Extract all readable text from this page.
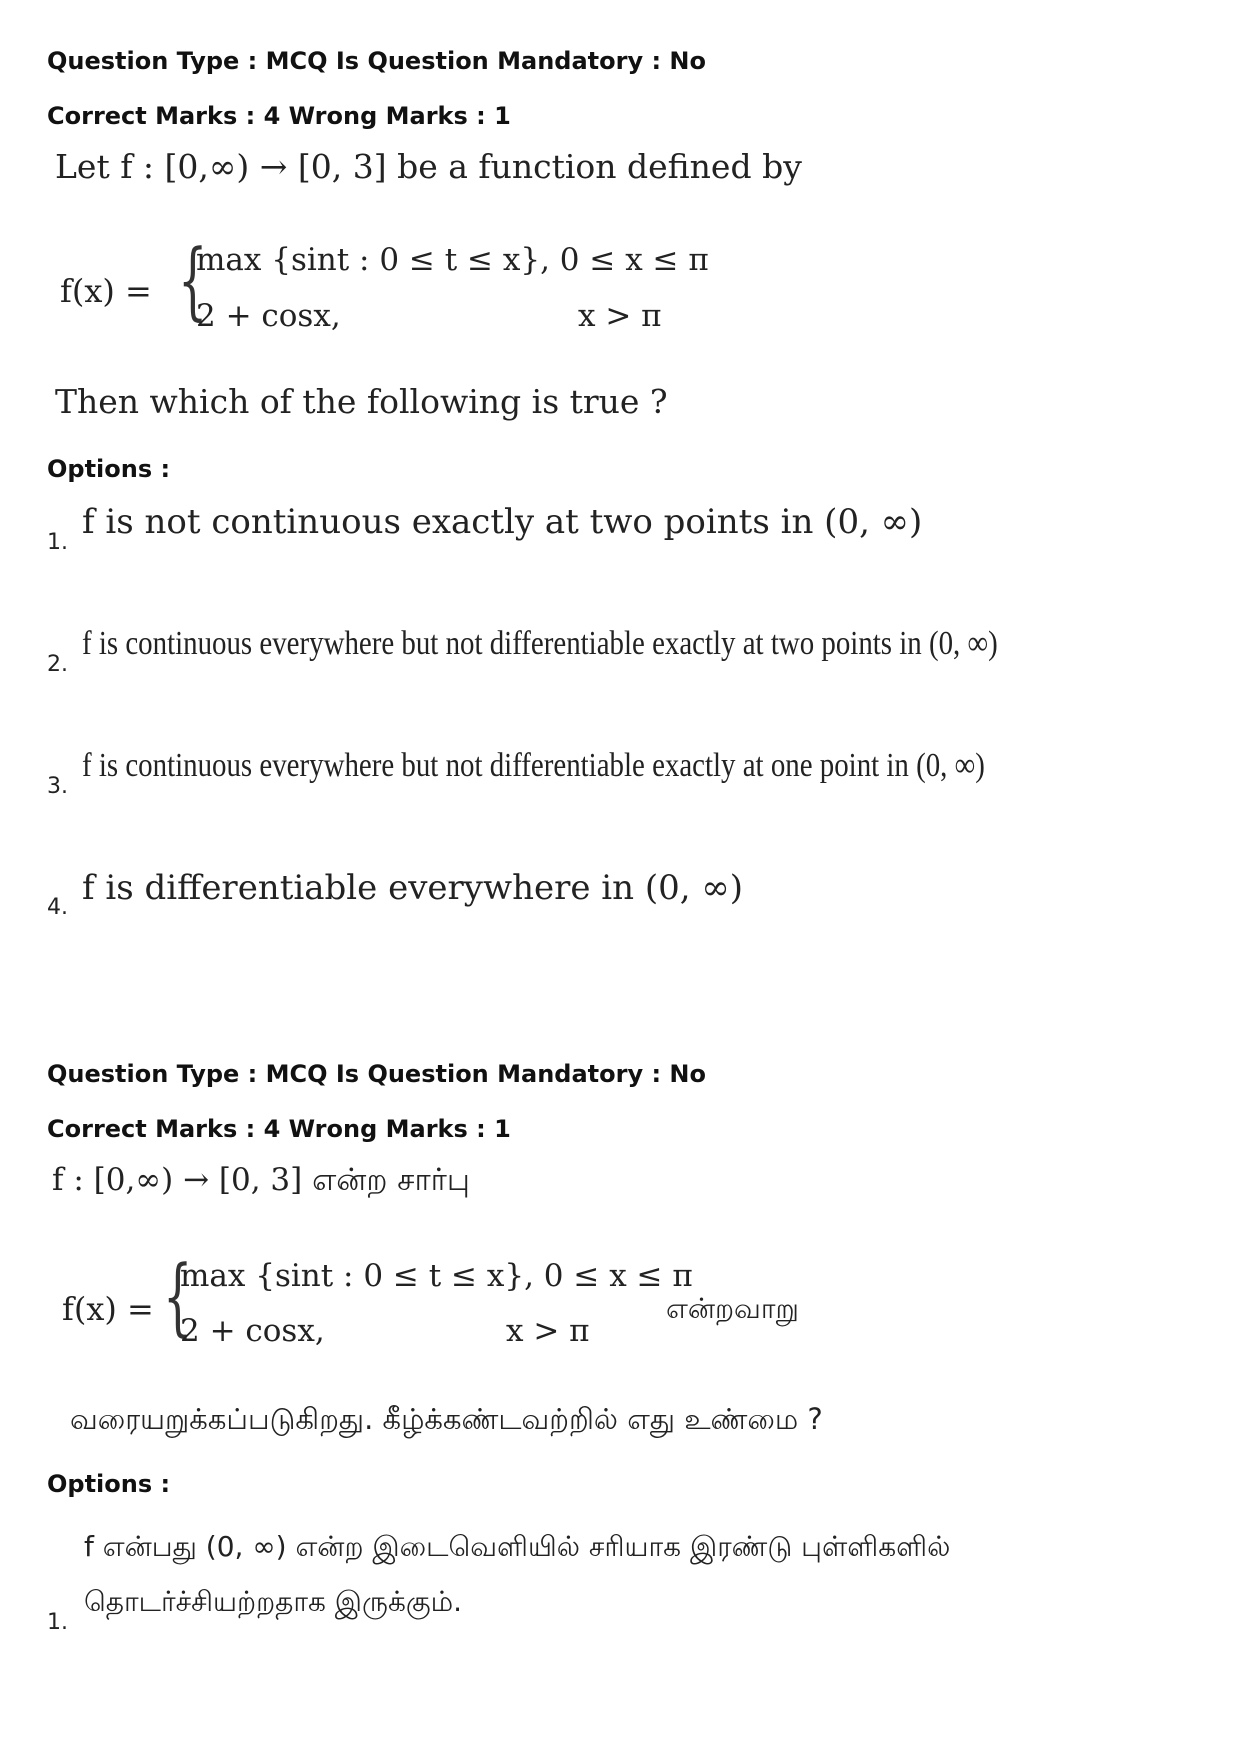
Question Type : MCQ Is Question Mandatory : No
Correct Marks : 4 Wrong Marks : 1
Let f : [0,∞) → [0, 3] be a function defined by
f(x) = {
max {sint : 0 ≤ t ≤ x}, 0 ≤ x ≤ π
2 + cosx,	x > π
Then which of the following is true ?
Options :
1.
f is not continuous exactly at two points in (0, ∞)
2.
f is continuous everywhere but not differentiable exactly at two points in (0, ∞)
3.
f is continuous everywhere but not differentiable exactly at one point in (0, ∞)
4. f is differentiable everywhere in (0, ∞)
Question Type : MCQ Is Question Mandatory : No
Correct Marks : 4 Wrong Marks : 1
f : [0,∞) → [0, 3] என்ற சார்பு
f(x) = {
max {sint : 0 ≤ t ≤ x}, 0 ≤ x ≤ π
2 + cosx,	x > π
என்றவாறு
வரையறுக்கப்படுகிறது. கீழ்க்கண்டவற்றில் எது உண்மை ?
Options :
f என்பது (0, ∞) என்ற இடைவெளியில் சரியாக இரண்டு புள்ளிகளில்
தொடர்ச்சியற்றதாக இருக்கும்.
1.
